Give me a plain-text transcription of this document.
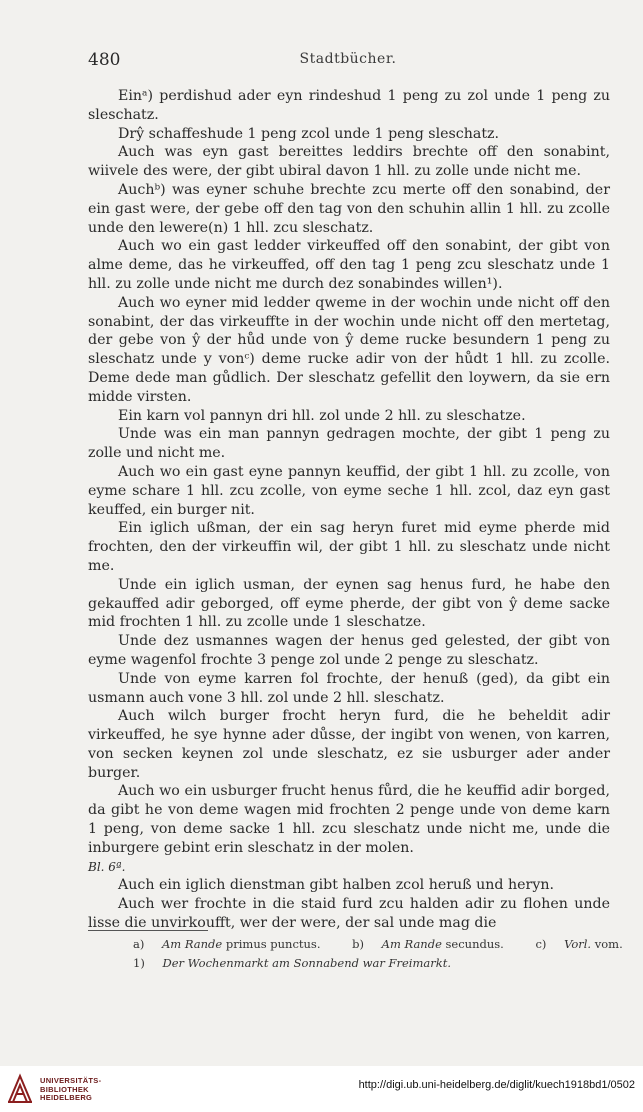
480	Stadtbücher.

Einᵃ) perdishud ader eyn rindeshud 1 peng zu zol unde 1 peng zu sleschatz.

Drŷ schaffeshude 1 peng zcol unde 1 peng sleschatz.

Auch was eyn gast bereittes leddirs brechte off den sonabint, wiivele des were, der gibt ubiral davon 1 hll. zu zolle unde nicht me.

Auchᵇ) was eyner schuhe brechte zcu merte off den sonabind, der ein gast were, der gebe off den tag von den schuhin allin 1 hll. zu zcolle unde den lewere(n) 1 hll. zcu sleschatz.

Auch wo ein gast ledder virkeuffed off den sonabint, der gibt von alme deme, das he virkeuffed, off den tag 1 peng zcu sleschatz unde 1 hll. zu zolle unde nicht me durch dez sonabindes willen¹).

Auch wo eyner mid ledder qweme in der wochin unde nicht off den sonabint, der das virkeuffte in der wochin unde nicht off den mertetag, der gebe von ŷ der hůd unde von ŷ deme rucke besundern 1 peng zu sleschatz unde y vonᶜ) deme rucke adir von der hůdt 1 hll. zu zcolle. Deme dede man gůdlich. Der sleschatz gefellit den loywern, da sie ern midde virsten.

Ein karn vol pannyn dri hll. zol unde 2 hll. zu sleschatze.

Unde was ein man pannyn gedragen mochte, der gibt 1 peng zu zolle und nicht me.

Auch wo ein gast eyne pannyn keuffid, der gibt 1 hll. zu zcolle, von eyme schare 1 hll. zcu zcolle, von eyme seche 1 hll. zcol, daz eyn gast keuffed, ein burger nit.

Ein iglich ußman, der ein sag heryn furet mid eyme pherde mid frochten, den der virkeuffin wil, der gibt 1 hll. zu sleschatz unde nicht me.

Unde ein iglich usman, der eynen sag henus furd, he habe den gekauffed adir geborged, off eyme pherde, der gibt von ŷ deme sacke mid frochten 1 hll. zu zcolle unde 1 sleschatze.

Unde dez usmannes wagen der henus ged gelested, der gibt von eyme wagenfol frochte 3 penge zol unde 2 penge zu sleschatz.

Unde von eyme karren fol frochte, der henuß (ged), da gibt ein usmann auch vone 3 hll. zol unde 2 hll. sleschatz.

Auch wilch burger frocht heryn furd, die he beheldit adir virkeuffed, he sye hynne ader důsse, der ingibt von wenen, von karren, von secken keynen zol unde sleschatz, ez sie usburger ader ander burger.

Auch wo ein usburger frucht henus fůrd, die he keuffid adir borged, da gibt he von deme wagen mid frochten 2 penge unde von deme karn 1 peng, von deme sacke 1 hll. zcu sleschatz unde nicht me, unde die inburgere gebint erin sleschatz in der molen.

Bl. 6ª.

Auch ein iglich dienstman gibt halben zcol heruß und heryn.

Auch wer frochte in die staid furd zcu halden adir zu flohen unde lisse die unvirkoufft, wer der were, der sal unde mag die

a) Am Rande primus punctus.	b) Am Rande secundus.	c) Vorl. vom.
1) Der Wochenmarkt am Sonnabend war Freimarkt.
UNIVERSITÄTS-
BIBLIOTHEK
HEIDELBERG
http://digi.ub.uni-heidelberg.de/diglit/kuech1918bd1/0502
